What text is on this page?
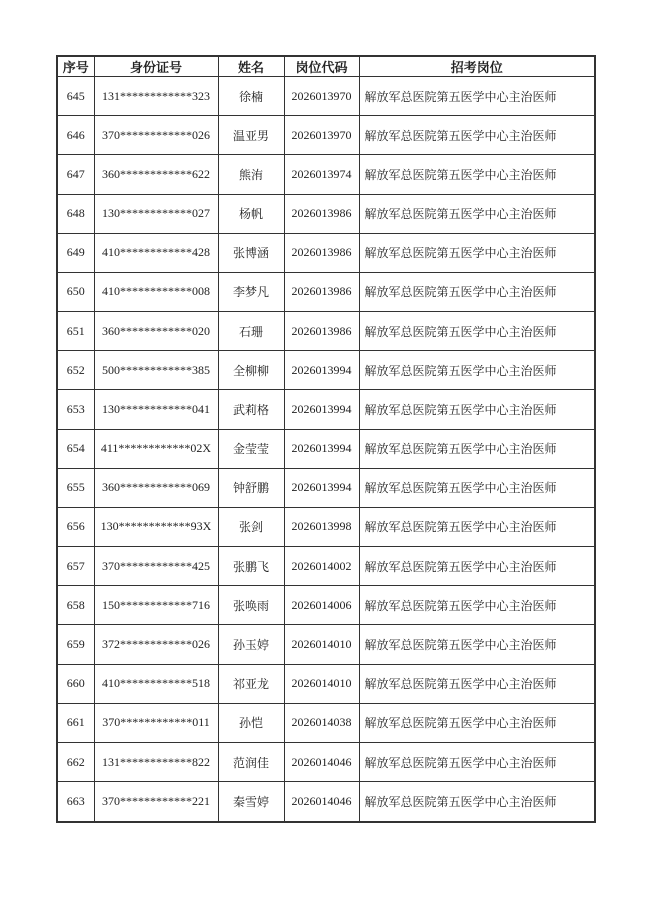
序号	身份证号	姓名	岗位代码	招考岗位
645	131************323	徐楠	2026013970	解放军总医院第五医学中心主治医师
646	370************026	温亚男	2026013970	解放军总医院第五医学中心主治医师
647	360************622	熊洧	2026013974	解放军总医院第五医学中心主治医师
648	130************027	杨帆	2026013986	解放军总医院第五医学中心主治医师
649	410************428	张博涵	2026013986	解放军总医院第五医学中心主治医师
650	410************008	李梦凡	2026013986	解放军总医院第五医学中心主治医师
651	360************020	石珊	2026013986	解放军总医院第五医学中心主治医师
652	500************385	全柳柳	2026013994	解放军总医院第五医学中心主治医师
653	130************041	武莉格	2026013994	解放军总医院第五医学中心主治医师
654	411************02X	金莹莹	2026013994	解放军总医院第五医学中心主治医师
655	360************069	钟舒鹏	2026013994	解放军总医院第五医学中心主治医师
656	130************93X	张剑	2026013998	解放军总医院第五医学中心主治医师
657	370************425	张鹏飞	2026014002	解放军总医院第五医学中心主治医师
658	150************716	张唤雨	2026014006	解放军总医院第五医学中心主治医师
659	372************026	孙玉婷	2026014010	解放军总医院第五医学中心主治医师
660	410************518	祁亚龙	2026014010	解放军总医院第五医学中心主治医师
661	370************011	孙恺	2026014038	解放军总医院第五医学中心主治医师
662	131************822	范润佳	2026014046	解放军总医院第五医学中心主治医师
663	370************221	秦雪婷	2026014046	解放军总医院第五医学中心主治医师
